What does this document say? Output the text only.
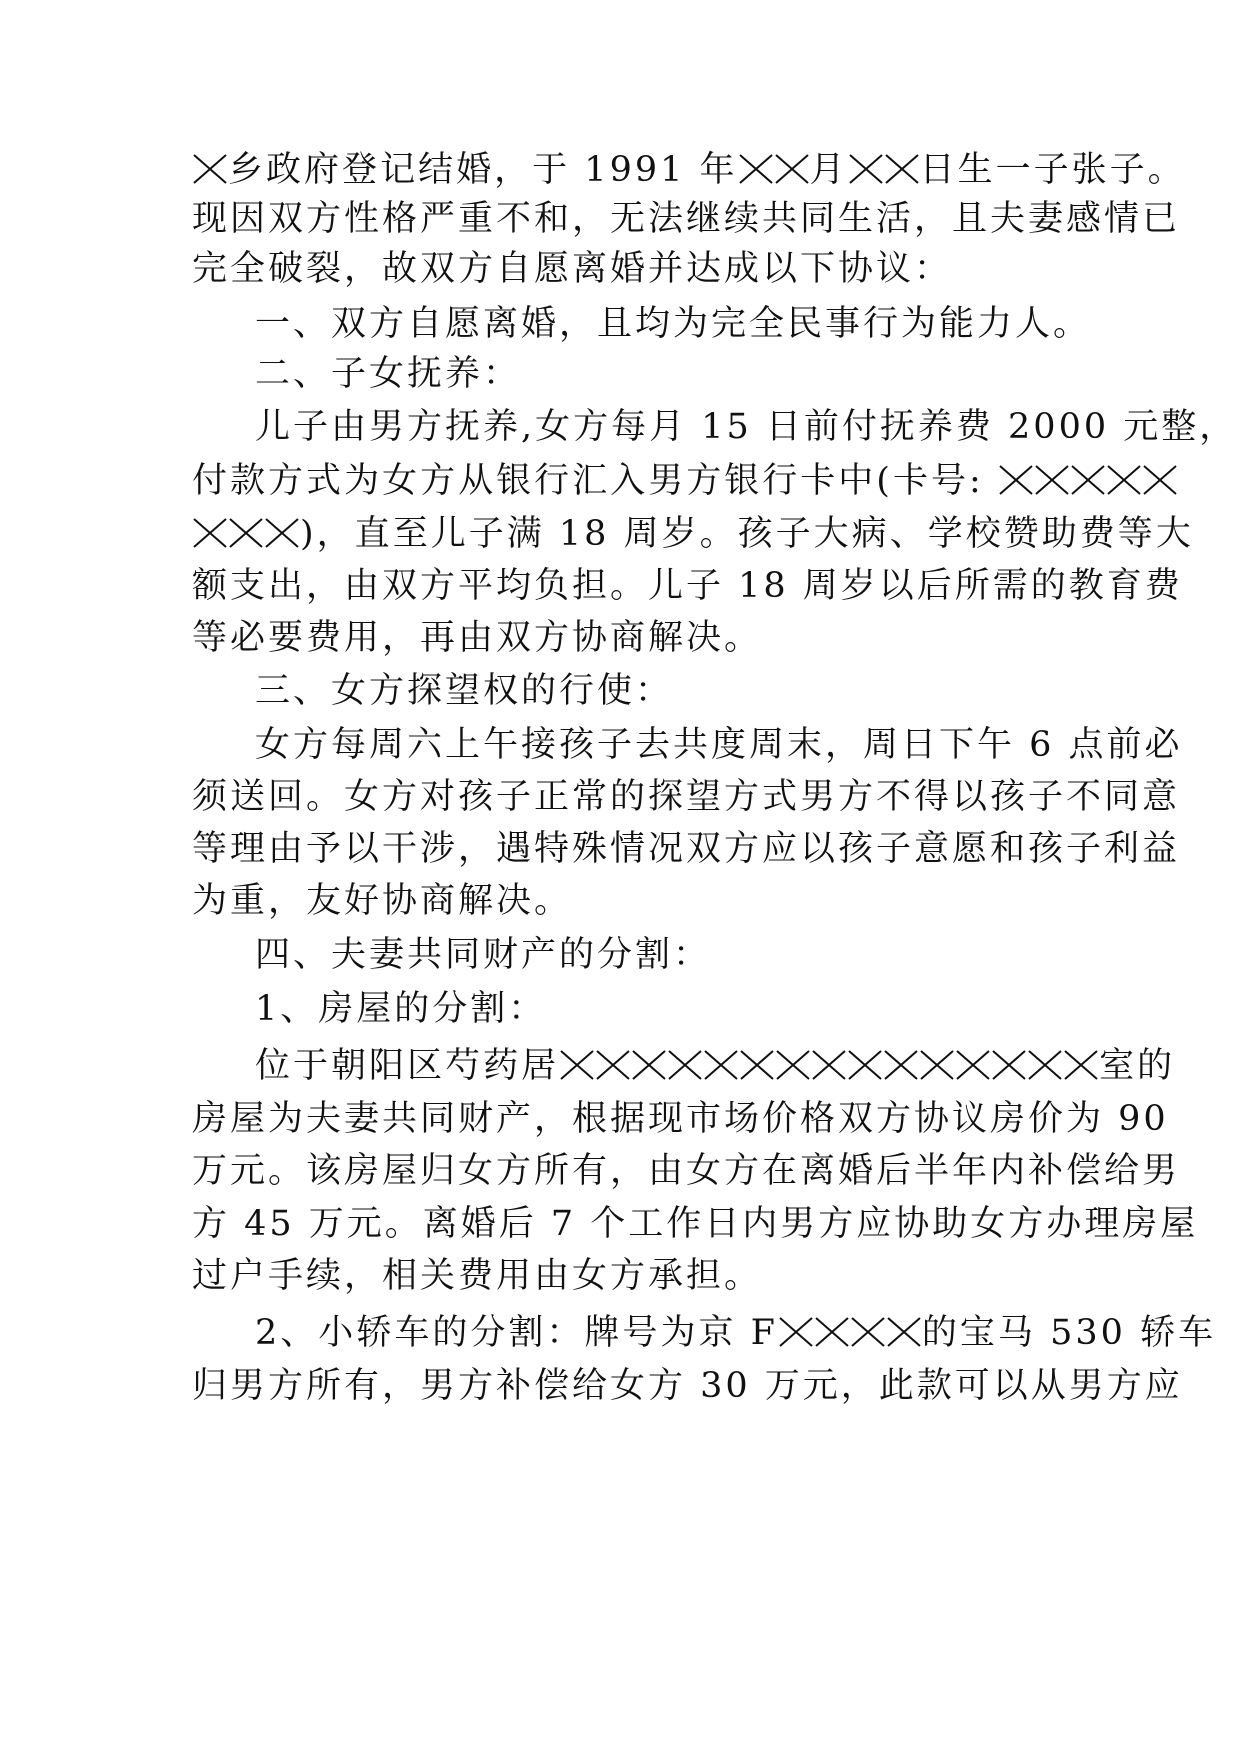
乡政府登记结婚，于 1991 年 月 日生一子张子。
现因双方性格严重不和，无法继续共同生活，且夫妻感情已
完全破裂，故双方自愿离婚并达成以下协议：
一、双方自愿离婚，且均为完全民事行为能力人。
二、子女抚养：
儿子由男方抚养,女方每月 15 日前付抚养费 2000 元整，
付款方式为女方从银行汇入男方银行卡中(卡号:
)，直至儿子满 18 周岁。孩子大病、学校赞助费等大
额支出，由双方平均负担。儿子 18 周岁以后所需的教育费
等必要费用，再由双方协商解决。
三、女方探望权的行使：
女方每周六上午接孩子去共度周末，周日下午 6 点前必
须送回。女方对孩子正常的探望方式男方不得以孩子不同意
等理由予以干涉，遇特殊情况双方应以孩子意愿和孩子利益
为重，友好协商解决。
四、夫妻共同财产的分割：
1、房屋的分割：
位于朝阳区芍药居	室的
房屋为夫妻共同财产，根据现市场价格双方协议房价为 90
万元。该房屋归女方所有，由女方在离婚后半年内补偿给男
方 45 万元。离婚后 7 个工作日内男方应协助女方办理房屋
过户手续，相关费用由女方承担。
2、小轿车的分割：牌号为京 F	的宝马 530 轿车
归男方所有，男方补偿给女方 30 万元，此款可以从男方应
